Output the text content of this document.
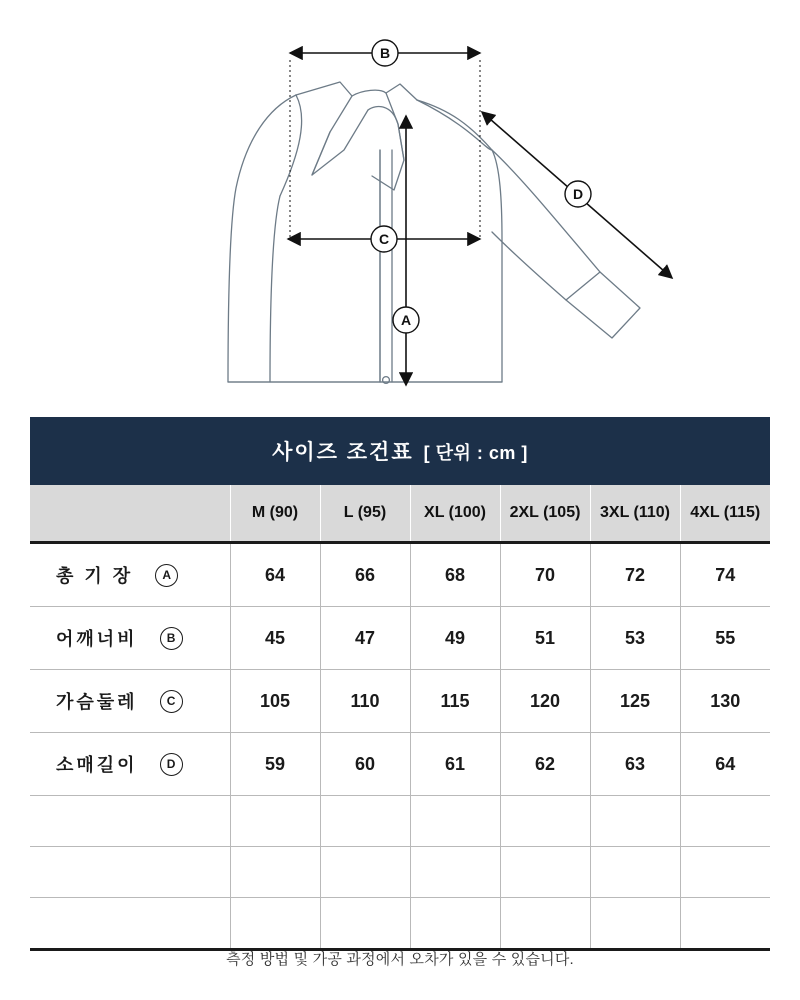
B
C
A
D
사이즈 조건표 [ 단위 : cm ]						
	M (90)	L (95)	XL (100)	2XL (105)	3XL (110)	4XL (115)

총 기 장 A	64	66	68	70	72	74

어깨너비 B	45	47	49	51	53	55

가슴둘레 C	105	110	115	120	125	130

소매길이 D	59	60	61	62	63	64

측정 방법 및 가공 과정에서 오차가 있을 수 있습니다.
